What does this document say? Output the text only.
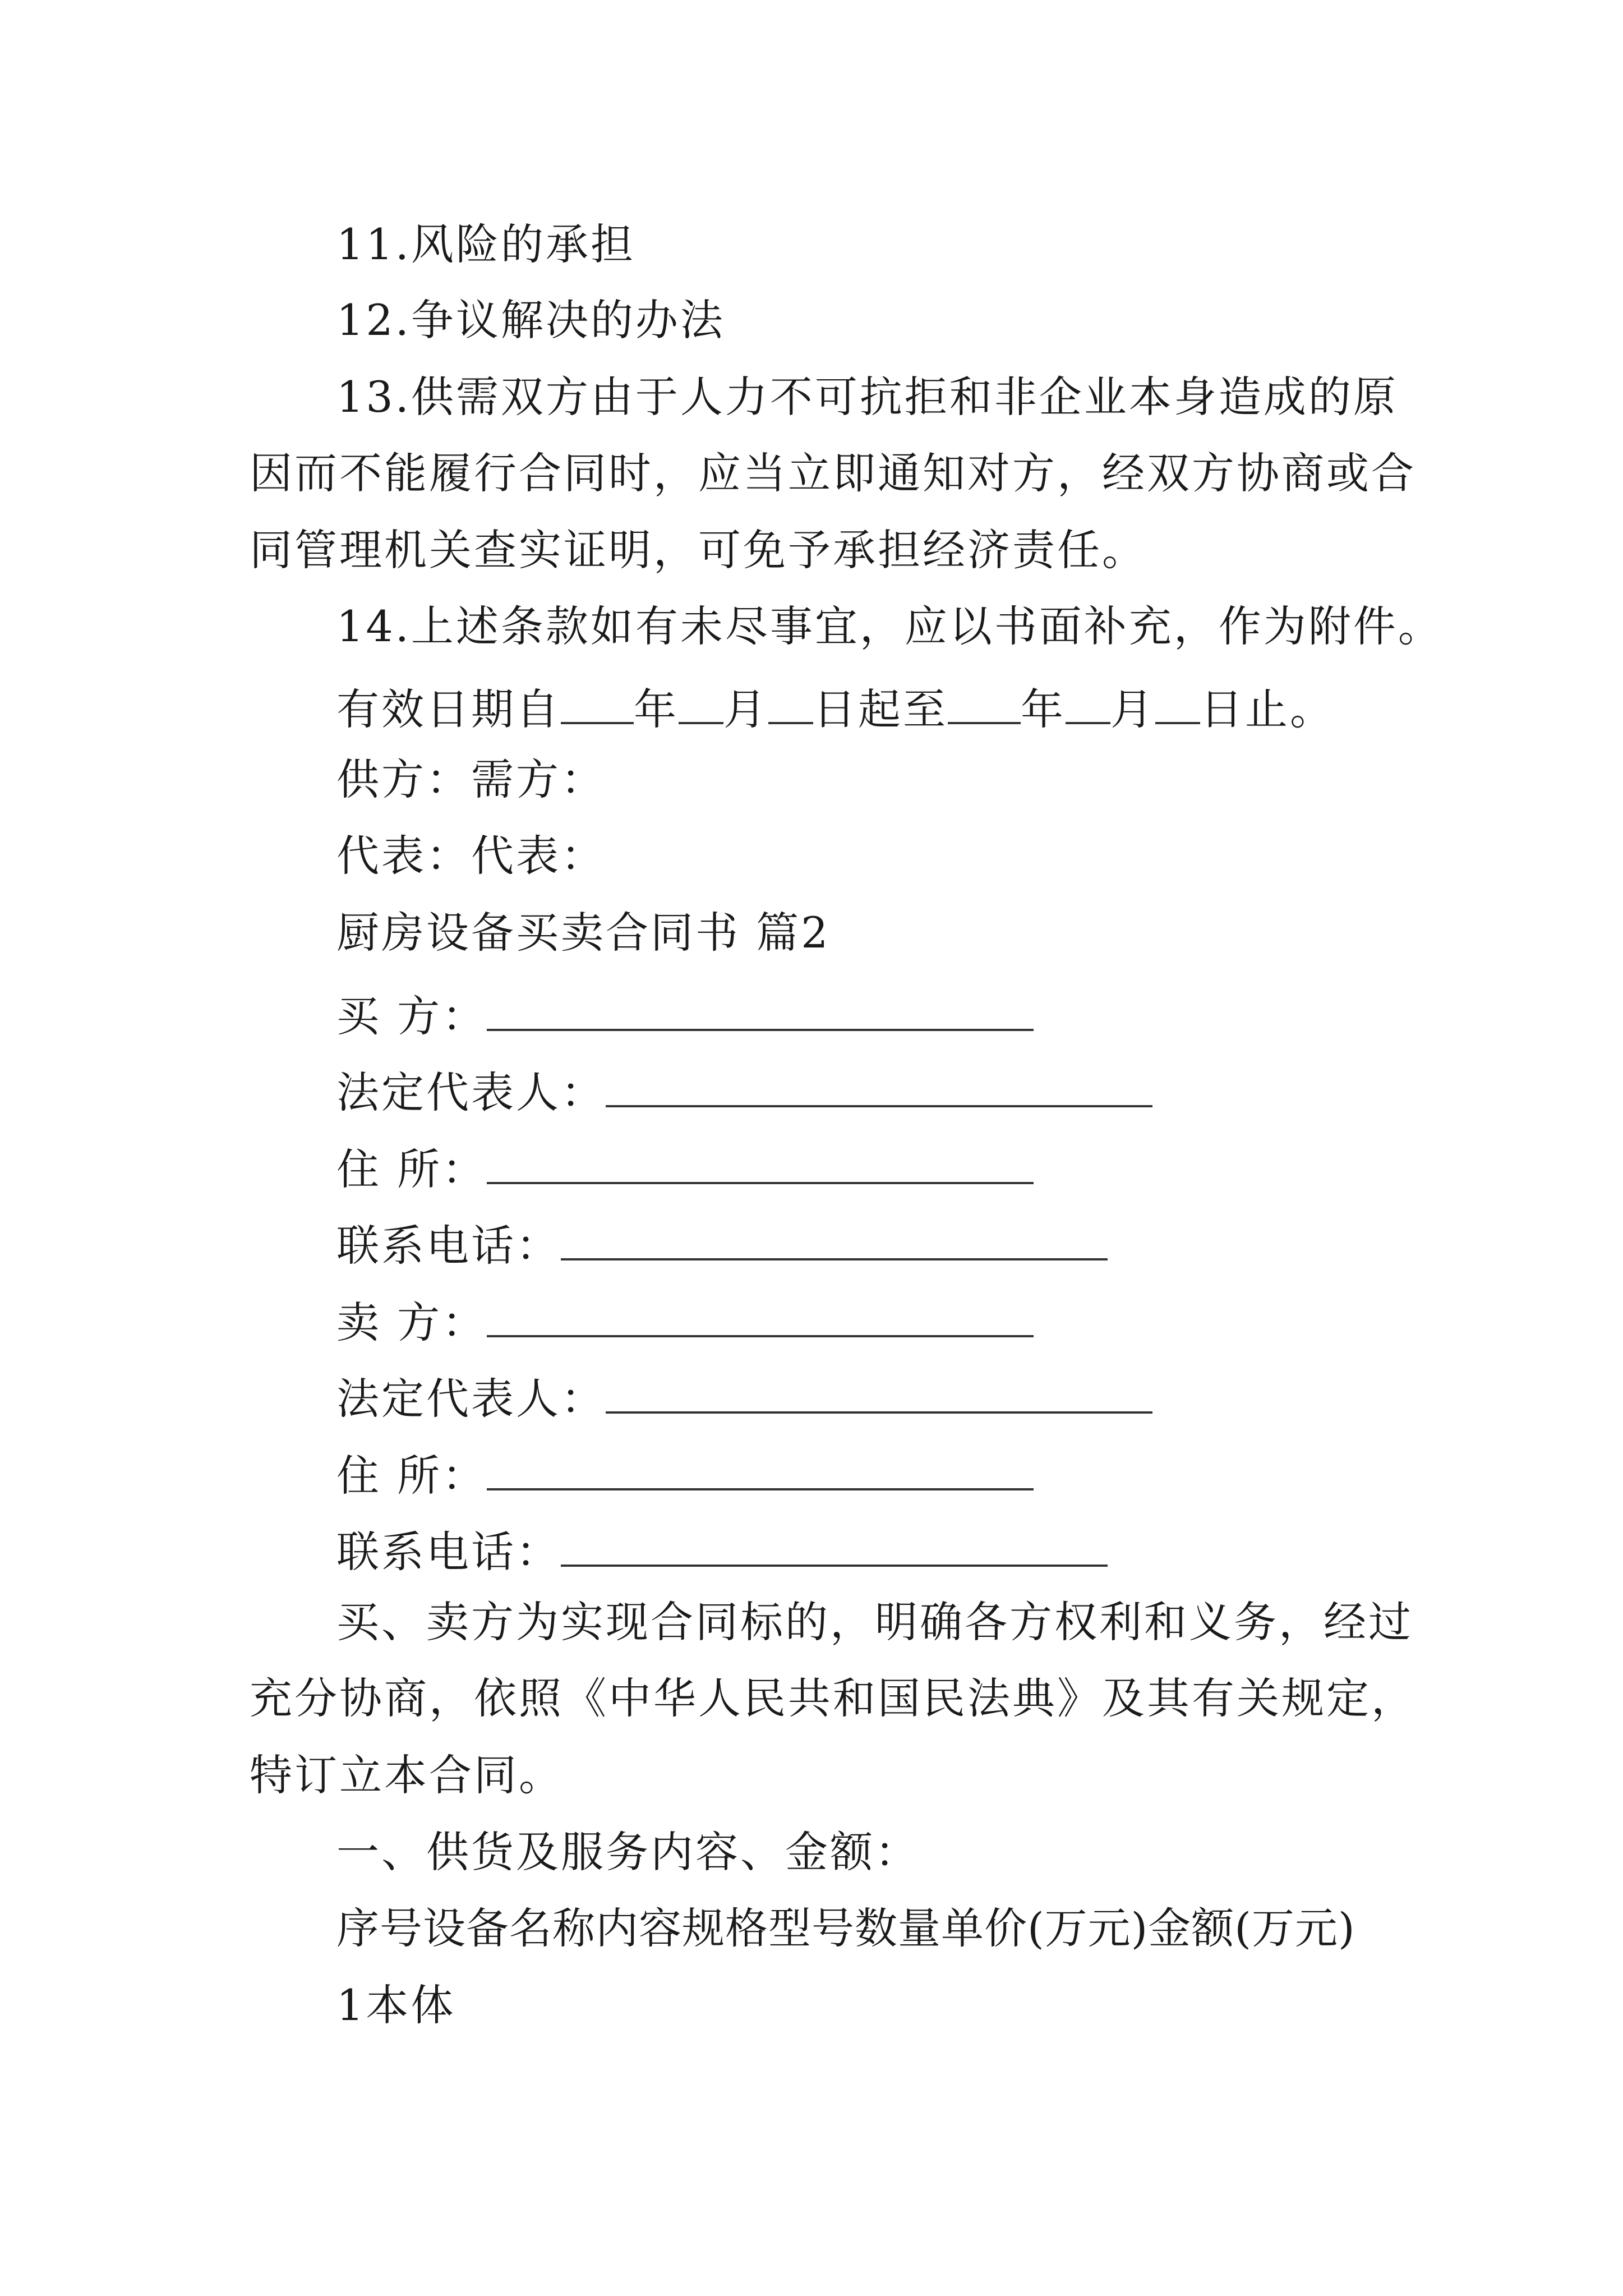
11.风险的承担
12.争议解决的办法
13.供需双方由于人力不可抗拒和非企业本身造成的原
因而不能履行合同时，应当立即通知对方，经双方协商或合
同管理机关查实证明，可免予承担经济责任。
14.上述条款如有未尽事宜，应以书面补充，作为附件。
有效日期自 年 月 日起至 年 月 日止。
供方：需方：
代表：代表：
厨房设备买卖合同书 篇2
买 方：
法定代表人：
住 所：
联系电话：
卖 方：
法定代表人：
住 所：
联系电话：
买、卖方为实现合同标的，明确各方权利和义务，经过
充分协商，依照《中华人民共和国民法典》及其有关规定，
特订立本合同。
一、供货及服务内容、金额：
序号设备名称内容规格型号数量单价(万元)金额(万元)
1本体
